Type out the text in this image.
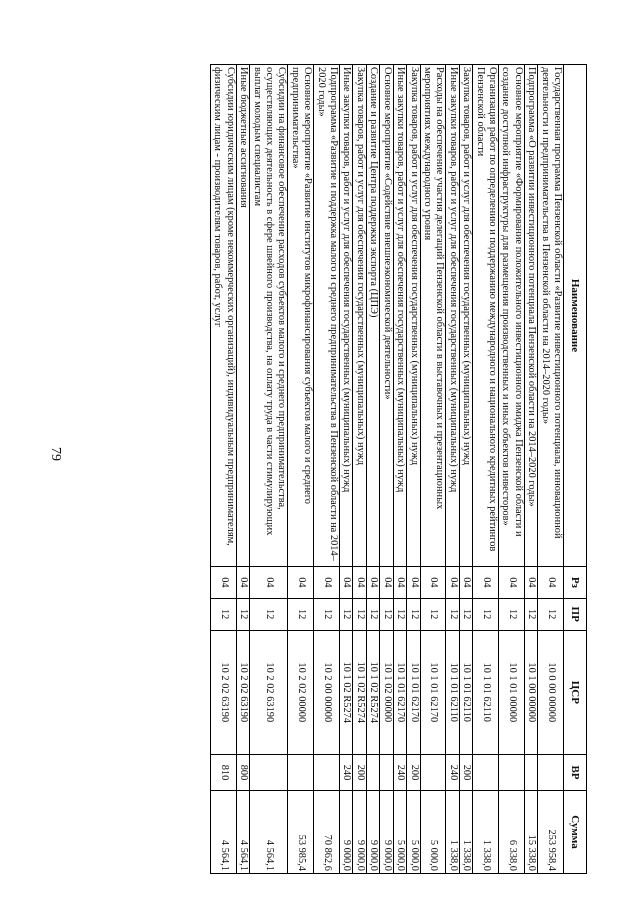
79
Наименование	Рз	ПР	ЦСР	ВР	Сумма
Государственная программа Пензенской области «Развитие инвестиционного потенциала, инновационной деятельности и предпринимательства в Пензенской области на 2014–2020 годы»	04	12	10 0 00 00000		253 958,4
Подпрограмма «О развитии инвестиционного потенциала Пензенской области на 2014–2020 годы»	04	12	10 1 00 00000		15 338,0
Основное мероприятие «Формирование положительного инвестиционного имиджа Пензенской области и создание доступной инфраструктуры для размещения производственных и иных объектов инвесторов»	04	12	10 1 01 00000		6 338,0
Организация работ по определению и поддержанию международного и национального кредитных рейтингов Пензенской области	04	12	10 1 01 62110		1 338,0
Закупка товаров, работ и услуг для обеспечения государственных (муниципальных) нужд	04	12	10 1 01 62110	200	1 338,0
Иные закупки товаров, работ и услуг для обеспечения государственных (муниципальных) нужд	04	12	10 1 01 62110	240	1 338,0
Расходы на обеспечение участия делегаций Пензенской области в выставочных и презентационных мероприятиях международного уровня	04	12	10 1 01 62170		5 000,0
Закупка товаров, работ и услуг для обеспечения государственных (муниципальных) нужд	04	12	10 1 01 62170	200	5 000,0
Иные закупки товаров, работ и услуг для обеспечения государственных (муниципальных) нужд	04	12	10 1 01 62170	240	5 000,0
Основное мероприятие «Содействие внешнеэкономической деятельности»	04	12	10 1 02 00000		9 000,0
Создание и развитие Центра поддержки экспорта (ЦПЭ)	04	12	10 1 02 R5274		9 000,0
Закупка товаров, работ и услуг для обеспечения государственных (муниципальных) нужд	04	12	10 1 02 R5274	200	9 000,0
Иные закупки товаров, работ и услуг для обеспечения государственных (муниципальных) нужд	04	12	10 1 02 R5274	240	9 000,0
Подпрограмма «Развитие и поддержка малого и среднего предпринимательства в Пензенской области на 2014–2020 годы»	04	12	10 2 00 00000		70 862,6
Основное мероприятие «Развитие институтов микрофинансирования субъектов малого и среднего предпринимательства»	04	12	10 2 02 00000		53 985,4
Субсидии на финансовое обеспечение расходов субъектов малого и среднего предпринимательства, осуществляющих деятельность в сфере швейного производства, на оплату труда в части стимулирующих выплат молодым специалистам	04	12	10 2 02 63190		4 564,1
Иные бюджетные ассигнования	04	12	10 2 02 63190	800	4 564,1
Субсидии юридическим лицам (кроме некоммерческих организаций), индивидуальным предпринимателям, физическим лицам - производителям товаров, работ, услуг	04	12	10 2 02 63190	810	4 564,1
